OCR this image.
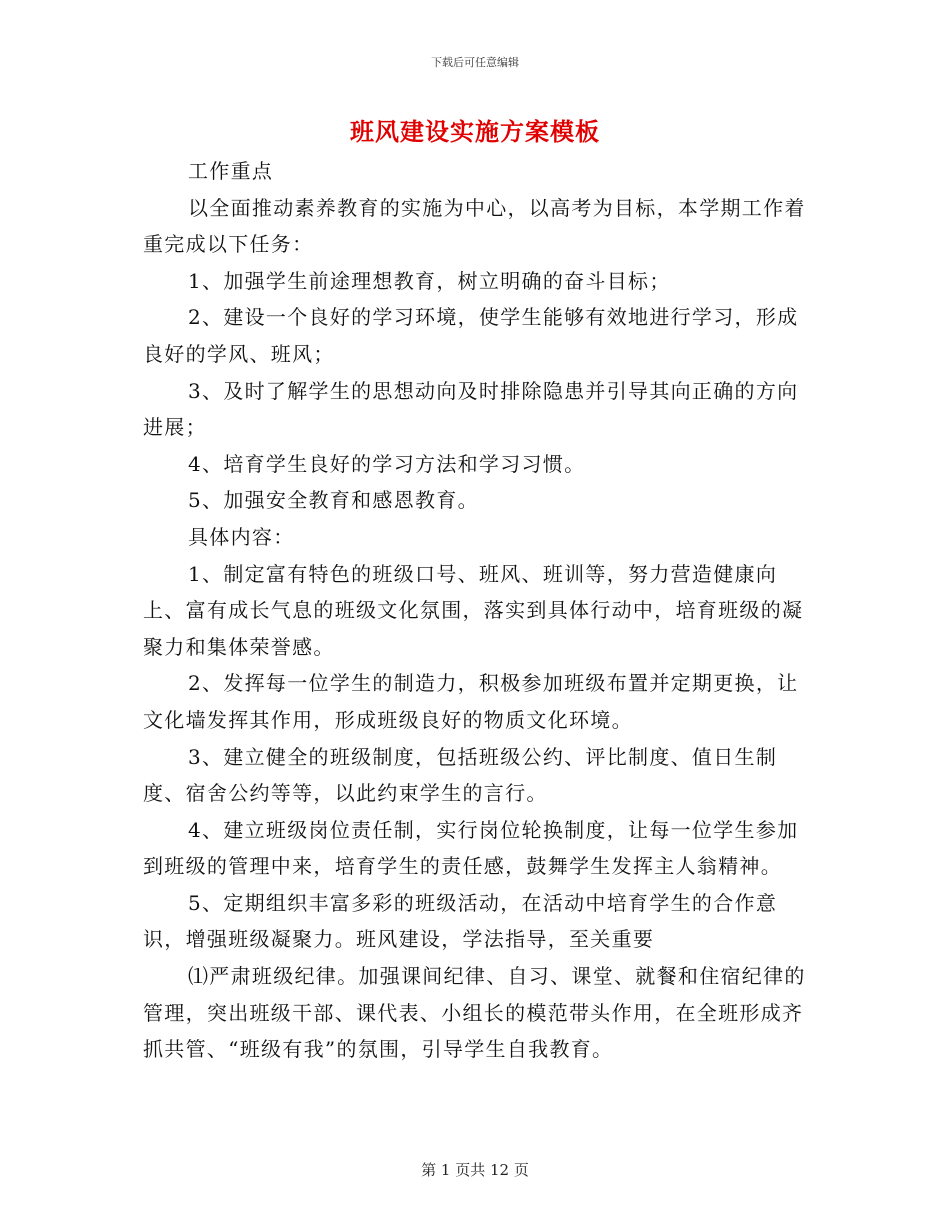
下载后可任意编辑
班风建设实施方案模板

工作重点

以全面推动素养教育的实施为中心，以高考为目标，本学期工作着重完成以下任务：

1、加强学生前途理想教育，树立明确的奋斗目标；

2、建设一个良好的学习环境，使学生能够有效地进行学习，形成良好的学风、班风；

3、及时了解学生的思想动向及时排除隐患并引导其向正确的方向进展；

4、培育学生良好的学习方法和学习习惯。

5、加强安全教育和感恩教育。

具体内容：

1、制定富有特色的班级口号、班风、班训等，努力营造健康向上、富有成长气息的班级文化氛围，落实到具体行动中，培育班级的凝聚力和集体荣誉感。

2、发挥每一位学生的制造力，积极参加班级布置并定期更换，让文化墙发挥其作用，形成班级良好的物质文化环境。

3、建立健全的班级制度，包括班级公约、评比制度、值日生制度、宿舍公约等等，以此约束学生的言行。

4、建立班级岗位责任制，实行岗位轮换制度，让每一位学生参加到班级的管理中来，培育学生的责任感，鼓舞学生发挥主人翁精神。

5、定期组织丰富多彩的班级活动，在活动中培育学生的合作意识，增强班级凝聚力。班风建设，学法指导，至关重要

⑴严肃班级纪律。加强课间纪律、自习、课堂、就餐和住宿纪律的管理，突出班级干部、课代表、小组长的模范带头作用，在全班形成齐抓共管、“班级有我”的氛围，引导学生自我教育。

第 1 页共 12 页
